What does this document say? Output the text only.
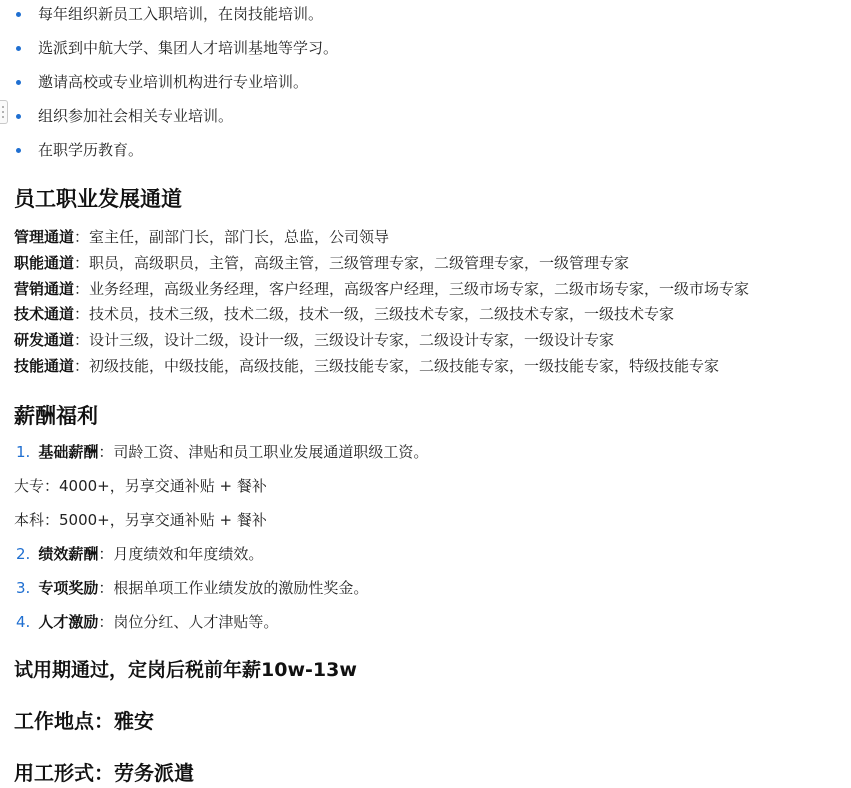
每年组织新员工入职培训，在岗技能培训。
选派到中航大学、集团人才培训基地等学习。
邀请高校或专业培训机构进行专业培训。
组织参加社会相关专业培训。
在职学历教育。
员工职业发展通道
管理通道：室主任，副部门长，部门长，总监，公司领导
职能通道：职员，高级职员，主管，高级主管，三级管理专家，二级管理专家，一级管理专家
营销通道：业务经理，高级业务经理，客户经理，高级客户经理，三级市场专家，二级市场专家，一级市场专家
技术通道：技术员，技术三级，技术二级，技术一级，三级技术专家，二级技术专家，一级技术专家
研发通道：设计三级，设计二级，设计一级，三级设计专家，二级设计专家，一级设计专家
技能通道：初级技能，中级技能，高级技能，三级技能专家，二级技能专家，一级技能专家，特级技能专家
薪酬福利
1. 基础薪酬：司龄工资、津贴和员工职业发展通道职级工资。
大专：4000+，另享交通补贴 + 餐补
本科：5000+，另享交通补贴 + 餐补
2. 绩效薪酬：月度绩效和年度绩效。
3. 专项奖励：根据单项工作业绩发放的激励性奖金。
4. 人才激励：岗位分红、人才津贴等。

试用期通过，定岗后税前年薪10w-13w

工作地点：雅安

用工形式：劳务派遣
